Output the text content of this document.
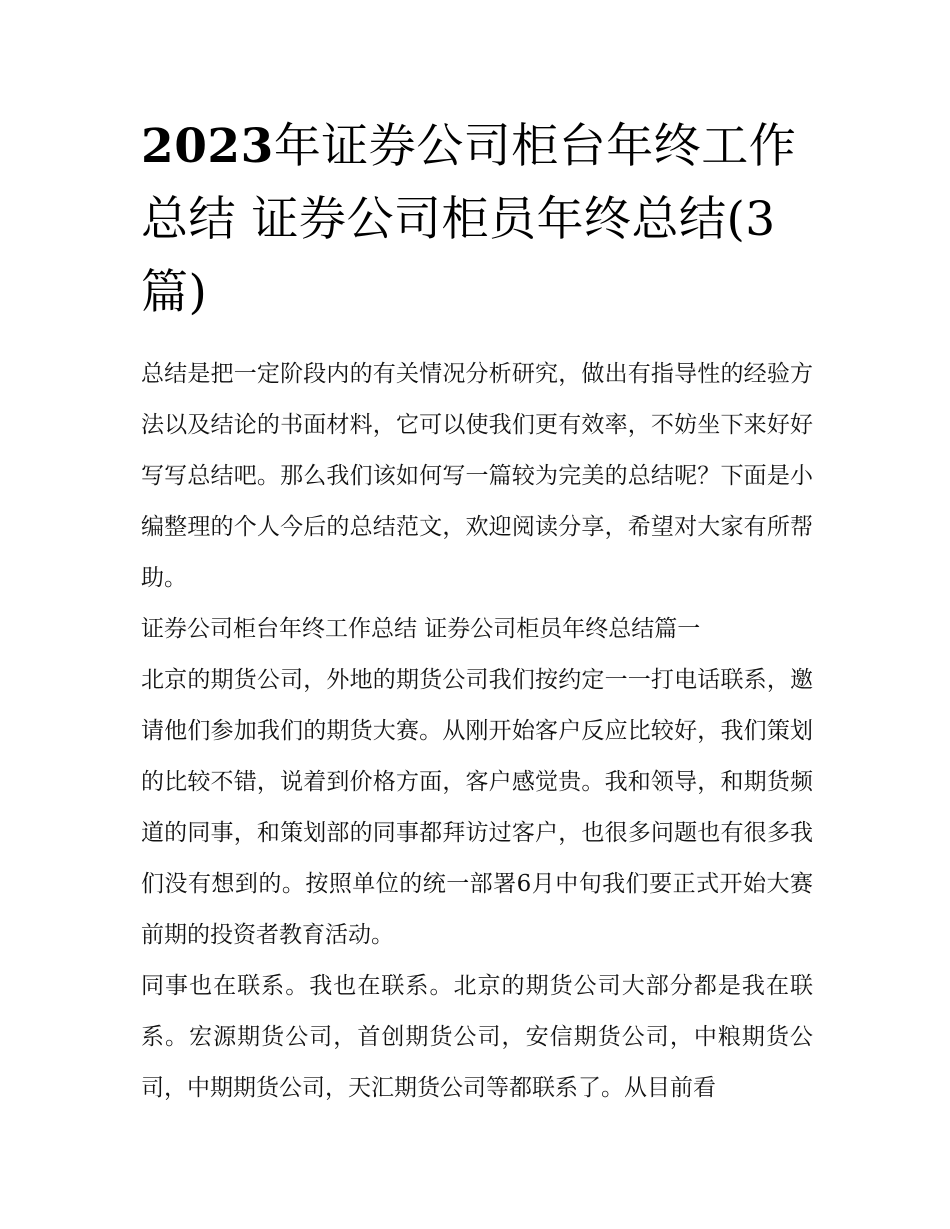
2023年证券公司柜台年终工作总结 证券公司柜员年终总结(3篇)

总结是把一定阶段内的有关情况分析研究，做出有指导性的经验方法以及结论的书面材料，它可以使我们更有效率，不妨坐下来好好写写总结吧。那么我们该如何写一篇较为完美的总结呢？下面是小编整理的个人今后的总结范文，欢迎阅读分享，希望对大家有所帮助。

证券公司柜台年终工作总结 证券公司柜员年终总结篇一

北京的期货公司，外地的期货公司我们按约定一一打电话联系，邀请他们参加我们的期货大赛。从刚开始客户反应比较好，我们策划的比较不错，说着到价格方面，客户感觉贵。我和领导，和期货频道的同事，和策划部的同事都拜访过客户，也很多问题也有很多我们没有想到的。按照单位的统一部署6月中旬我们要正式开始大赛前期的投资者教育活动。

同事也在联系。我也在联系。北京的期货公司大部分都是我在联系。宏源期货公司，首创期货公司，安信期货公司，中粮期货公司，中期期货公司，天汇期货公司等都联系了。从目前看
